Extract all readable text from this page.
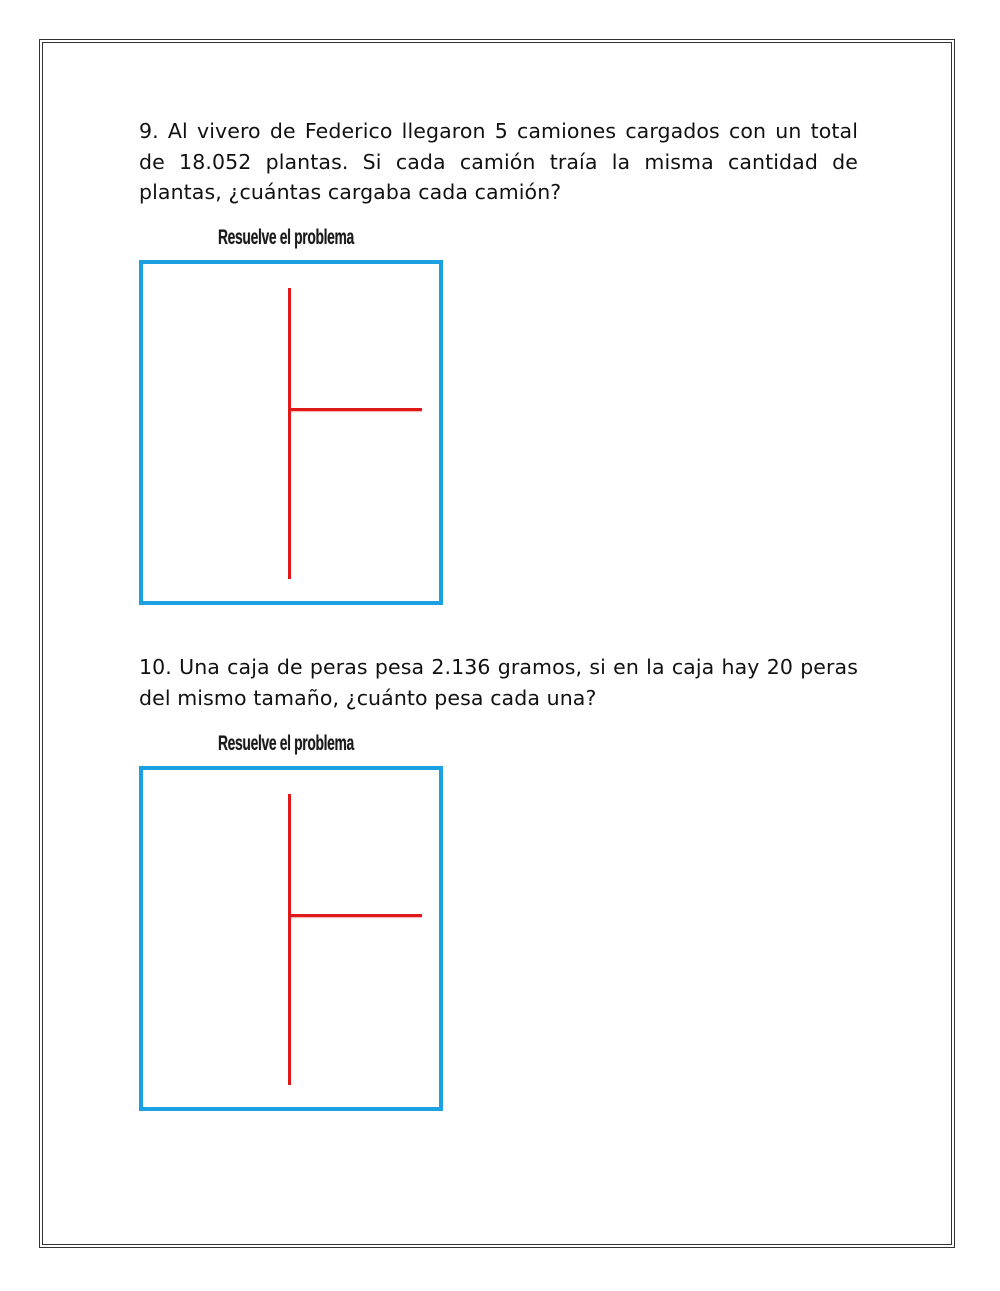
9. Al vivero de Federico llegaron 5 camiones cargados con un total de 18.052 plantas. Si cada camión traía la misma cantidad de plantas, ¿cuántas cargaba cada camión?

Resuelve el problema

10. Una caja de peras pesa 2.136 gramos, si en la caja hay 20 peras del mismo tamaño, ¿cuánto pesa cada una?

Resuelve el problema
